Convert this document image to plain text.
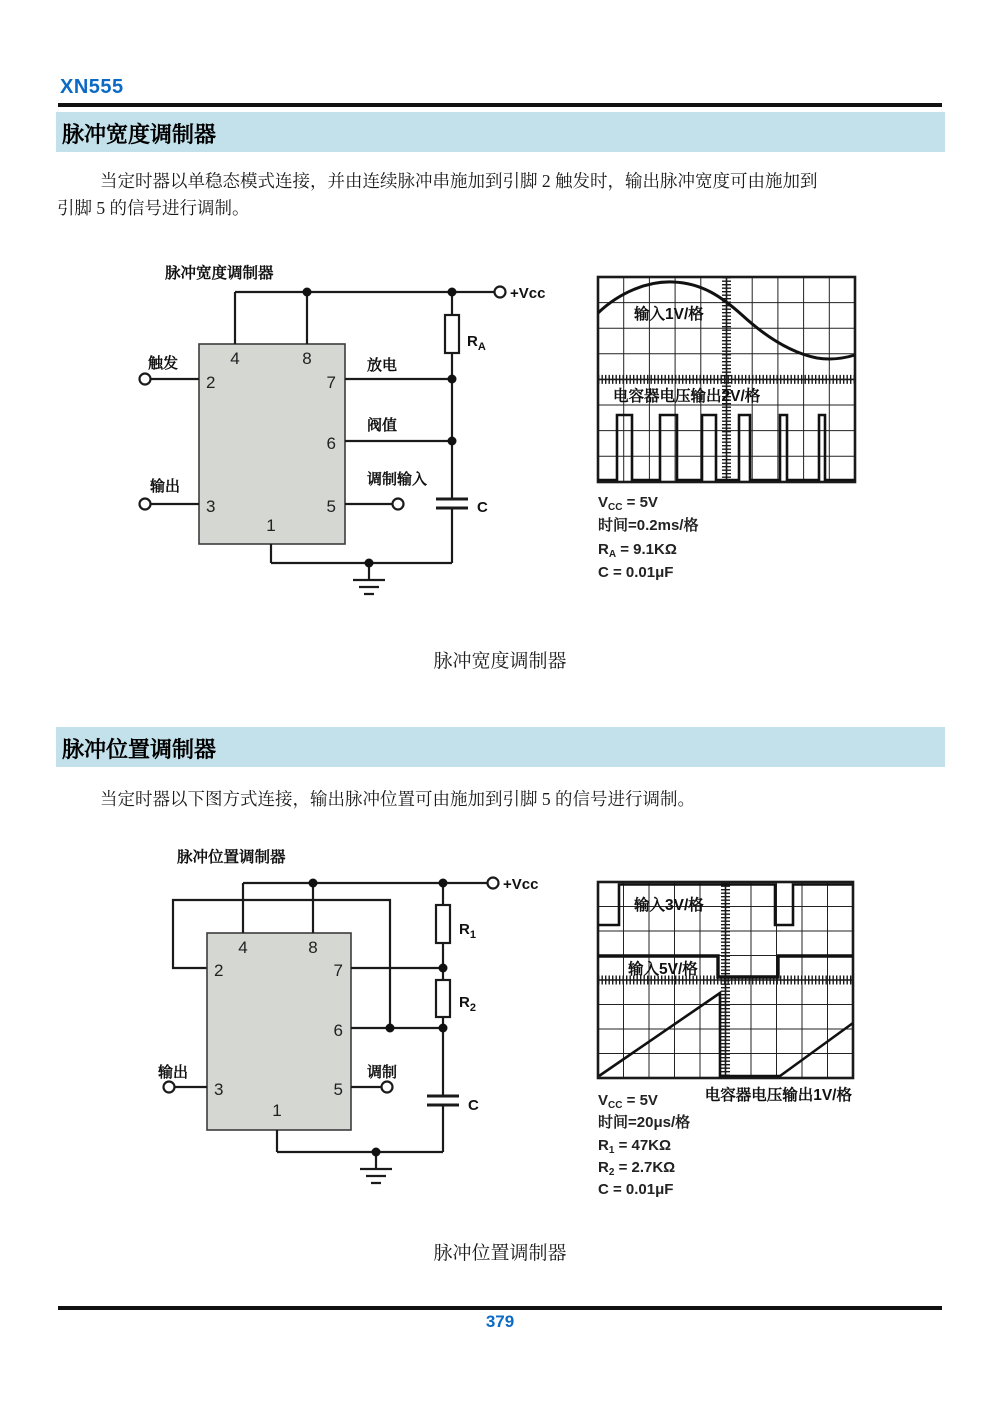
XN555
脉冲宽度调制器
当定时器以单稳态模式连接，并由连续脉冲串施加到引脚 2 触发时，输出脉冲宽度可由施加到
引脚 5 的信号进行调制。
脉冲宽度调制器
+Vcc
触发
输出
放电
阀值
调制输入
$R_A$
C
4	8
2	7
6
3	5
1
输入1V/格
电容器电压输出2V/格
$V_{CC} = 5V$
时间=0.2ms/格
$R_A = 9.1K\Omega$
C = 0.01μF
脉冲宽度调制器
脉冲位置调制器
当定时器以下图方式连接，输出脉冲位置可由施加到引脚 5 的信号进行调制。
脉冲位置调制器
+Vcc
输出	调制
$R_1$
$R_2$
C
4	8
2	7
6
3	5
1
输入3V/格
输入5V/格
电容器电压输出1V/格
$V_{CC} = 5V$
时间=20μs/格
$R_1 = 47K\Omega$
$R_2 = 2.7K\Omega$
C = 0.01μF
脉冲位置调制器
379
